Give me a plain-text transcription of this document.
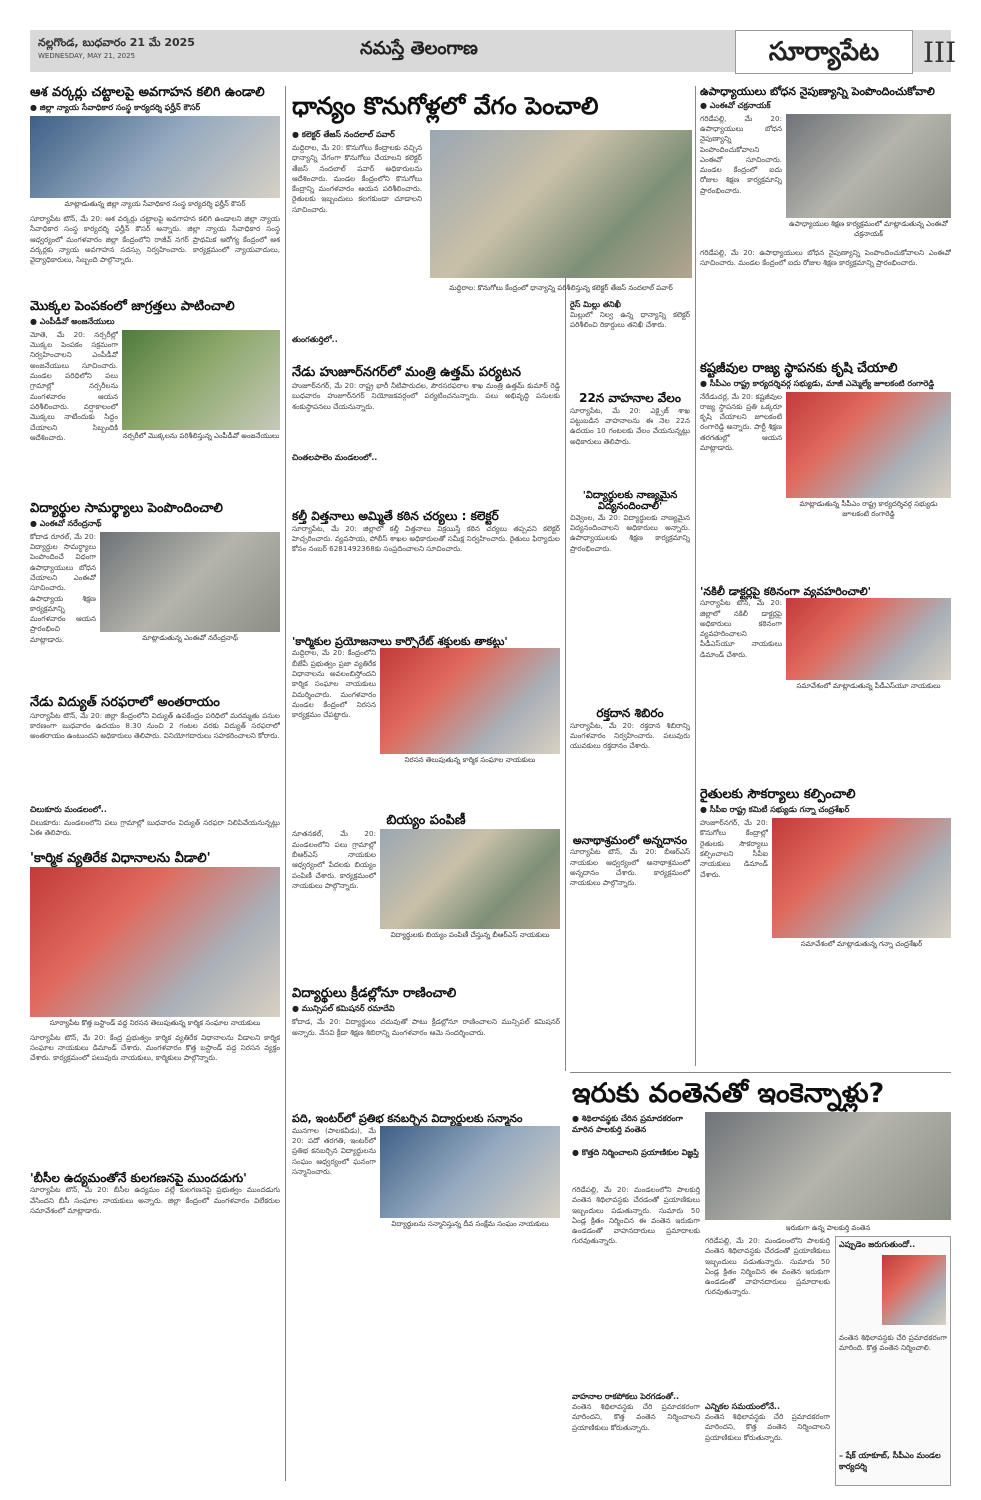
నల్లగొండ, బుధవారం 21 మే 2025
WEDNESDAY, MAY 21, 2025	నమస్తే తెలంగాణ	సూర్యాపేట	III
ఆశ వర్కర్లు చట్టాలపై అవగాహన కలిగి ఉండాలి
● జిల్లా న్యాయ సేవాధికార సంస్థ కార్యదర్శి ఫర్హీన్ కౌసర్
మాట్లాడుతున్న జిల్లా న్యాయ సేవాధికార సంస్థ కార్యదర్శి ఫర్హీన్ కౌసర్
సూర్యాపేట టౌన్, మే 20: ఆశ వర్కర్లు చట్టాలపై అవగాహన కలిగి ఉండాలని జిల్లా న్యాయ సేవాధికార సంస్థ కార్యదర్శి ఫర్హీన్ కౌసర్ అన్నారు. జిల్లా న్యాయ సేవాధికార సంస్థ ఆధ్వర్యంలో మంగళవారం జిల్లా కేంద్రంలోని రాజీవ్ నగర్ ప్రాథమిక ఆరోగ్య కేంద్రంలో ఆశ వర్కర్లకు న్యాయ అవగాహన సదస్సు నిర్వహించారు. కార్యక్రమంలో న్యాయవాదులు, వైద్యాధికారులు, సిబ్బంది పాల్గొన్నారు.
మొక్కల పెంపకంలో జాగ్రత్తలు పాటించాలి
● ఎంపీడీవో అంజనేయులు
మోతె, మే 20: నర్సరీల్లో మొక్కల పెంపకం సక్రమంగా నిర్వహించాలని ఎంపీడీవో అంజనేయులు సూచించారు. మండల పరిధిలోని పలు గ్రామాల్లో నర్సరీలను మంగళవారం ఆయన పరిశీలించారు. వర్షాకాలంలో మొక్కలు నాటేందుకు సిద్ధం చేయాలని సిబ్బందికి ఆదేశించారు.	నర్సరీలో మొక్కలను పరిశీలిస్తున్న ఎంపీడీవో అంజనేయులు
విద్యార్థుల సామర్థ్యాలు పెంపొందించాలి
● ఎంఈవో నరేంద్రనాథ్
కోదాడ రూరల్, మే 20: విద్యార్థుల సామర్థ్యాలు పెంపొందించే విధంగా ఉపాధ్యాయులు బోధన చేయాలని ఎంఈవో సూచించారు. ఉపాధ్యాయ శిక్షణ కార్యక్రమాన్ని మంగళవారం ఆయన ప్రారంభించి మాట్లాడారు.	మాట్లాడుతున్న ఎంఈవో నరేంద్రనాథ్
నేడు విద్యుత్ సరఫరాలో అంతరాయం
సూర్యాపేట టౌన్, మే 20: జిల్లా కేంద్రంలోని విద్యుత్ ఉపకేంద్రం పరిధిలో మరమ్మతు పనుల కారణంగా బుధవారం ఉదయం 8.30 నుంచి 2 గంటల వరకు విద్యుత్ సరఫరాలో అంతరాయం ఉంటుందని అధికారులు తెలిపారు. వినియోగదారులు సహకరించాలని కోరారు.
చిలుకూరు మండలంలో..
చిలుకూరు: మండలంలోని పలు గ్రామాల్లో బుధవారం విద్యుత్ సరఫరా నిలిపివేయనున్నట్లు ఏఈ తెలిపారు.
'కార్మిక వ్యతిరేక విధానాలను వీడాలి'
సూర్యాపేట కొత్త బస్టాండ్ వద్ద నిరసన తెలుపుతున్న కార్మిక సంఘాల నాయకులు
సూర్యాపేట టౌన్, మే 20: కేంద్ర ప్రభుత్వం కార్మిక వ్యతిరేక విధానాలను వీడాలని కార్మిక సంఘాల నాయకులు డిమాండ్ చేశారు. మంగళవారం కొత్త బస్టాండ్ వద్ద నిరసన వ్యక్తం చేశారు. కార్యక్రమంలో పలువురు నాయకులు, కార్మికులు పాల్గొన్నారు.
'బీసీల ఉద్యమంతోనే కులగణనపై ముందడుగు'
సూర్యాపేట టౌన్, మే 20: బీసీల ఉద్యమం వల్లే కులగణనపై ప్రభుత్వం ముందడుగు వేసిందని బీసీ సంఘాల నాయకులు అన్నారు. జిల్లా కేంద్రంలో మంగళవారం విలేకరుల సమావేశంలో మాట్లాడారు.
ధాన్యం కొనుగోళ్లలో వేగం పెంచాలి
● కలెక్టర్ తేజస్ నందలాల్ పవార్
మద్దిరాల, మే 20: కొనుగోలు కేంద్రాలకు వచ్చిన ధాన్యాన్ని వేగంగా కొనుగోలు చేయాలని కలెక్టర్ తేజస్ నందలాల్ పవార్ అధికారులను ఆదేశించారు. మండల కేంద్రంలోని కొనుగోలు కేంద్రాన్ని మంగళవారం ఆయన పరిశీలించారు. రైతులకు ఇబ్బందులు కలగకుండా చూడాలని సూచించారు.
తుంగతుర్తిలో..
నేడు హుజూర్‌నగర్‌లో మంత్రి ఉత్తమ్ పర్యటన
హుజూర్‌నగర్, మే 20: రాష్ట్ర భారీ నీటిపారుదల, పౌరసరఫరాల శాఖ మంత్రి ఉత్తమ్ కుమార్ రెడ్డి బుధవారం హుజూర్‌నగర్ నియోజకవర్గంలో పర్యటించనున్నారు. పలు అభివృద్ధి పనులకు శంకుస్థాపనలు చేయనున్నారు.
చింతలపాలెం మండలంలో..
కల్తీ విత్తనాలు అమ్మితే కఠిన చర్యలు : కలెక్టర్
సూర్యాపేట, మే 20: జిల్లాలో కల్తీ విత్తనాలు విక్రయిస్తే కఠిన చర్యలు తప్పవని కలెక్టర్ హెచ్చరించారు. వ్యవసాయ, పోలీస్ శాఖల అధికారులతో సమీక్ష నిర్వహించారు. రైతులు ఫిర్యాదుల కోసం నంబర్ 6281492368కు సంప్రదించాలని సూచించారు.
'కార్మికుల ప్రయోజనాలు కార్పొరేట్ శక్తులకు తాకట్టు'
మద్దిరాల, మే 20: కేంద్రంలోని బీజేపీ ప్రభుత్వం ప్రజా వ్యతిరేక విధానాలను అవలంబిస్తోందని కార్మిక సంఘాల నాయకులు విమర్శించారు. మంగళవారం మండల కేంద్రంలో నిరసన కార్యక్రమం చేపట్టారు.
నిరసన తెలుపుతున్న కార్మిక సంఘాల నాయకులు
బియ్యం పంపిణీ
నూతనకల్, మే 20: మండలంలోని పలు గ్రామాల్లో బీఆర్‌ఎస్ నాయకుల ఆధ్వర్యంలో పేదలకు బియ్యం పంపిణీ చేశారు. కార్యక్రమంలో నాయకులు పాల్గొన్నారు.
విద్యార్థులకు బియ్యం పంపిణీ చేస్తున్న బీఆర్‌ఎస్ నాయకులు
విద్యార్థులు క్రీడల్లోనూ రాణించాలి
● మున్సిపల్ కమిషనర్ రమాదేవి
కోదాడ, మే 20: విద్యార్థులు చదువుతో పాటు క్రీడల్లోనూ రాణించాలని మున్సిపల్ కమిషనర్ అన్నారు. వేసవి క్రీడా శిక్షణ శిబిరాన్ని మంగళవారం ఆమె సందర్శించారు.
పది, ఇంటర్‌లో ప్రతిభ కనబర్చిన విద్యార్థులకు సన్మానం
మునగాల (పాలకవీడు), మే 20: పదో తరగతి, ఇంటర్‌లో ప్రతిభ కనబర్చిన విద్యార్థులను సంఘం ఆధ్వర్యంలో ఘనంగా సన్మానించారు.
విద్యార్థులను సన్మానిస్తున్న దీవ సంక్షేమ సంఘం నాయకులు
మద్దిరాల: కొనుగోలు కేంద్రంలో ధాన్యాన్ని పరిశీలిస్తున్న కలెక్టర్ తేజస్ నందలాల్ పవార్
రైస్ మిల్లు తనిఖీ
మిల్లులో నిల్వ ఉన్న ధాన్యాన్ని కలెక్టర్ పరిశీలించి రికార్డులు తనిఖీ చేశారు.
22న వాహనాల వేలం
సూర్యాపేట, మే 20: ఎక్సైజ్ శాఖ పట్టుబడిన వాహనాలను ఈ నెల 22న ఉదయం 10 గంటలకు వేలం వేయనున్నట్లు అధికారులు తెలిపారు.
'విద్యార్థులకు నాణ్యమైన విద్యనందించాలి'
చివ్వెంల, మే 20: విద్యార్థులకు నాణ్యమైన విద్యనందించాలని అధికారులు అన్నారు. ఉపాధ్యాయులకు శిక్షణ కార్యక్రమాన్ని ప్రారంభించారు.
రక్తదాన శిబిరం
సూర్యాపేట, మే 20: రక్తదాన శిబిరాన్ని మంగళవారం నిర్వహించారు. పలువురు యువకులు రక్తదానం చేశారు.
అనాథాశ్రమంలో అన్నదానం
సూర్యాపేట టౌన్, మే 20: బీఆర్‌ఎస్ నాయకుల ఆధ్వర్యంలో అనాథాశ్రమంలో అన్నదానం చేశారు. కార్యక్రమంలో నాయకులు పాల్గొన్నారు.
ఉపాధ్యాయులు బోధన నైపుణ్యాన్ని పెంపొందించుకోవాలి
● ఎంఈవో చక్రనాయక్
గరిడేపల్లి, మే 20: ఉపాధ్యాయులు బోధన నైపుణ్యాన్ని పెంపొందించుకోవాలని ఎంఈవో సూచించారు. మండల కేంద్రంలో ఐదు రోజుల శిక్షణ కార్యక్రమాన్ని ప్రారంభించారు.
ఉపాధ్యాయుల శిక్షణ కార్యక్రమంలో మాట్లాడుతున్న ఎంఈవో చక్రనాయక్
గరిడేపల్లి, మే 20: ఉపాధ్యాయులు బోధన నైపుణ్యాన్ని పెంపొందించుకోవాలని ఎంఈవో సూచించారు. మండల కేంద్రంలో ఐదు రోజుల శిక్షణ కార్యక్రమాన్ని ప్రారంభించారు.
కష్టజీవుల రాజ్య స్థాపనకు కృషి చేయాలి
● సీపీఎం రాష్ట్ర కార్యదర్శివర్గ సభ్యుడు, మాజీ ఎమ్మెల్యే జూలకంటి రంగారెడ్డి
నేరేడుచర్ల, మే 20: కష్టజీవుల రాజ్య స్థాపనకు ప్రతి ఒక్కరూ కృషి చేయాలని జూలకంటి రంగారెడ్డి అన్నారు. పార్టీ శిక్షణ తరగతుల్లో ఆయన మాట్లాడారు.
మాట్లాడుతున్న సీపీఎం రాష్ట్ర కార్యదర్శివర్గ సభ్యుడు జూలకంటి రంగారెడ్డి
'నకిలీ డాక్టర్లపై కఠినంగా వ్యవహరించాలి'
సూర్యాపేట టౌన్, మే 20: జిల్లాలో నకిలీ డాక్టర్లపై అధికారులు కఠినంగా వ్యవహరించాలని పీడీఎస్‌యూ నాయకులు డిమాండ్ చేశారు.
సమావేశంలో మాట్లాడుతున్న పీడీఎస్‌యూ నాయకులు
రైతులకు సౌకర్యాలు కల్పించాలి
● సీపీఐ రాష్ట్ర కమిటీ సభ్యుడు గన్నా చంద్రశేఖర్
హుజూర్‌నగర్, మే 20: కొనుగోలు కేంద్రాల్లో రైతులకు సౌకర్యాలు కల్పించాలని సీపీఐ నాయకులు డిమాండ్ చేశారు.
సమావేశంలో మాట్లాడుతున్న గన్నా చంద్రశేఖర్
ఇరుకు వంతెనతో ఇంకెన్నాళ్లు?
● శిథిలావస్థకు చేరిన ప్రమాదకరంగా మారిన పాలకుర్తి వంతెన
● కొత్తది నిర్మించాలని ప్రయాణికుల విజ్ఞప్తి
ఇరుకుగా ఉన్న పాలకుర్తి వంతెన
గరిడేపల్లి, మే 20: మండలంలోని పాలకుర్తి వంతెన శిథిలావస్థకు చేరడంతో ప్రయాణికులు ఇబ్బందులు పడుతున్నారు. సుమారు 50 ఏండ్ల క్రితం నిర్మించిన ఈ వంతెన ఇరుకుగా ఉండడంతో వాహనదారులు ప్రమాదాలకు గురవుతున్నారు.
వాహనాల రాకపోకలు పెరగడంతో..
వంతెన శిథిలావస్థకు చేరి ప్రమాదకరంగా మారిందని, కొత్త వంతెన నిర్మించాలని ప్రయాణికులు కోరుతున్నారు.
గరిడేపల్లి, మే 20: మండలంలోని పాలకుర్తి వంతెన శిథిలావస్థకు చేరడంతో ప్రయాణికులు ఇబ్బందులు పడుతున్నారు. సుమారు 50 ఏండ్ల క్రితం నిర్మించిన ఈ వంతెన ఇరుకుగా ఉండడంతో వాహనదారులు ప్రమాదాలకు గురవుతున్నారు.
ఎన్నికల సమయంలోనే..
వంతెన శిథిలావస్థకు చేరి ప్రమాదకరంగా మారిందని, కొత్త వంతెన నిర్మించాలని ప్రయాణికులు కోరుతున్నారు.
ఎప్పుడెం జరుగుతుందో..
వంతెన శిథిలావస్థకు చేరి ప్రమాదకరంగా మారింది. కొత్త వంతెన నిర్మించాలి.
– షేక్ యాకూబ్, సీపీఎం మండల కార్యదర్శి
